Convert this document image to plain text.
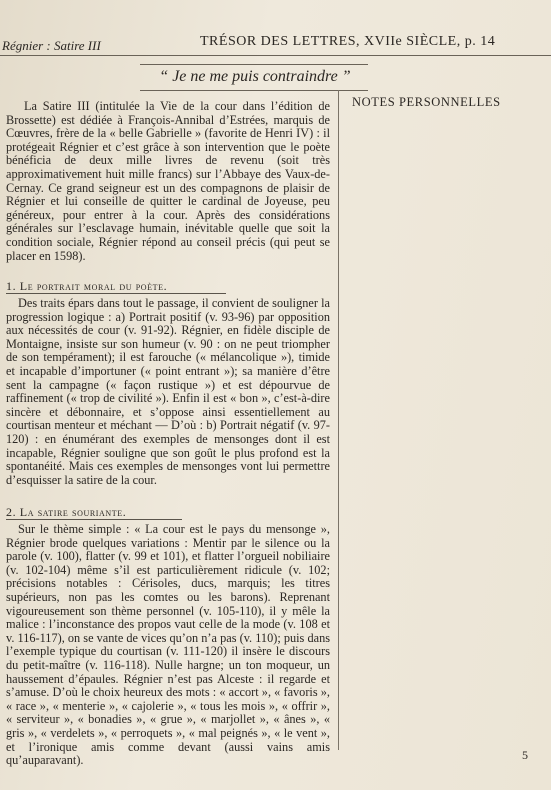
Régnier : Satire III	TRÉSOR DES LETTRES, XVIIe SIÈCLE, p. 14
“ Je ne me puis contraindre ”
NOTES PERSONNELLES

La Satire III (intitulée la Vie de la cour dans l’édition de Brossette) est dédiée à François-Annibal d’Estrées, marquis de Cœuvres, frère de la « belle Gabrielle » (favorite de Henri IV) : il protégeait Régnier et c’est grâce à son intervention que le poète bénéficia de deux mille livres de revenu (soit très approximativement huit mille francs) sur l’Abbaye des Vaux-de-Cernay. Ce grand seigneur est un des compagnons de plaisir de Régnier et lui conseille de quitter le cardinal de Joyeuse, peu généreux, pour entrer à la cour. Après des considérations générales sur l’esclavage humain, inévitable quelle que soit la condition sociale, Régnier répond au conseil précis (qui peut se placer en 1598).

1. Le portrait moral du poète.

Des traits épars dans tout le passage, il convient de souligner la progression logique : a) Portrait positif (v. 93-96) par opposition aux nécessités de cour (v. 91-92). Régnier, en fidèle disciple de Montaigne, insiste sur son humeur (v. 90 : on ne peut triompher de son tempérament); il est farouche (« mélancolique »), timide et incapable d’importuner (« point entrant »); sa manière d’être sent la campagne (« façon rustique ») et est dépourvue de raffinement (« trop de civilité »). Enfin il est « bon », c’est-à-dire sincère et débonnaire, et s’oppose ainsi essentiellement au courtisan menteur et méchant — D’où : b) Portrait négatif (v. 97-120) : en énumérant des exemples de mensonges dont il est incapable, Régnier souligne que son goût le plus profond est la spontanéité. Mais ces exemples de mensonges vont lui permettre d’esquisser la satire de la cour.

2. La satire souriante.

Sur le thème simple : « La cour est le pays du mensonge », Régnier brode quelques variations : Mentir par le silence ou la parole (v. 100), flatter (v. 99 et 101), et flatter l’orgueil nobiliaire (v. 102-104) même s’il est particulièrement ridicule (v. 102; précisions notables : Cérisoles, ducs, marquis; les titres supérieurs, non pas les comtes ou les barons). Reprenant vigoureusement son thème personnel (v. 105-110), il y mêle la malice : l’inconstance des propos vaut celle de la mode (v. 108 et v. 116-117), on se vante de vices qu’on n’a pas (v. 110); puis dans l’exemple typique du courtisan (v. 111-120) il insère le discours du petit-maître (v. 116-118). Nulle hargne; un ton moqueur, un haussement d’épaules. Régnier n’est pas Alceste : il regarde et s’amuse. D’où le choix heureux des mots : « accort », « favoris », « race », « menterie », « cajolerie », « tous les mois », « offrir », « serviteur », « bonadies », « grue », « marjollet », « ânes », « gris », « verdelets », « perroquets », « mal peignés », « le vent », et l’ironique amis comme devant (aussi vains amis qu’auparavant).	5
